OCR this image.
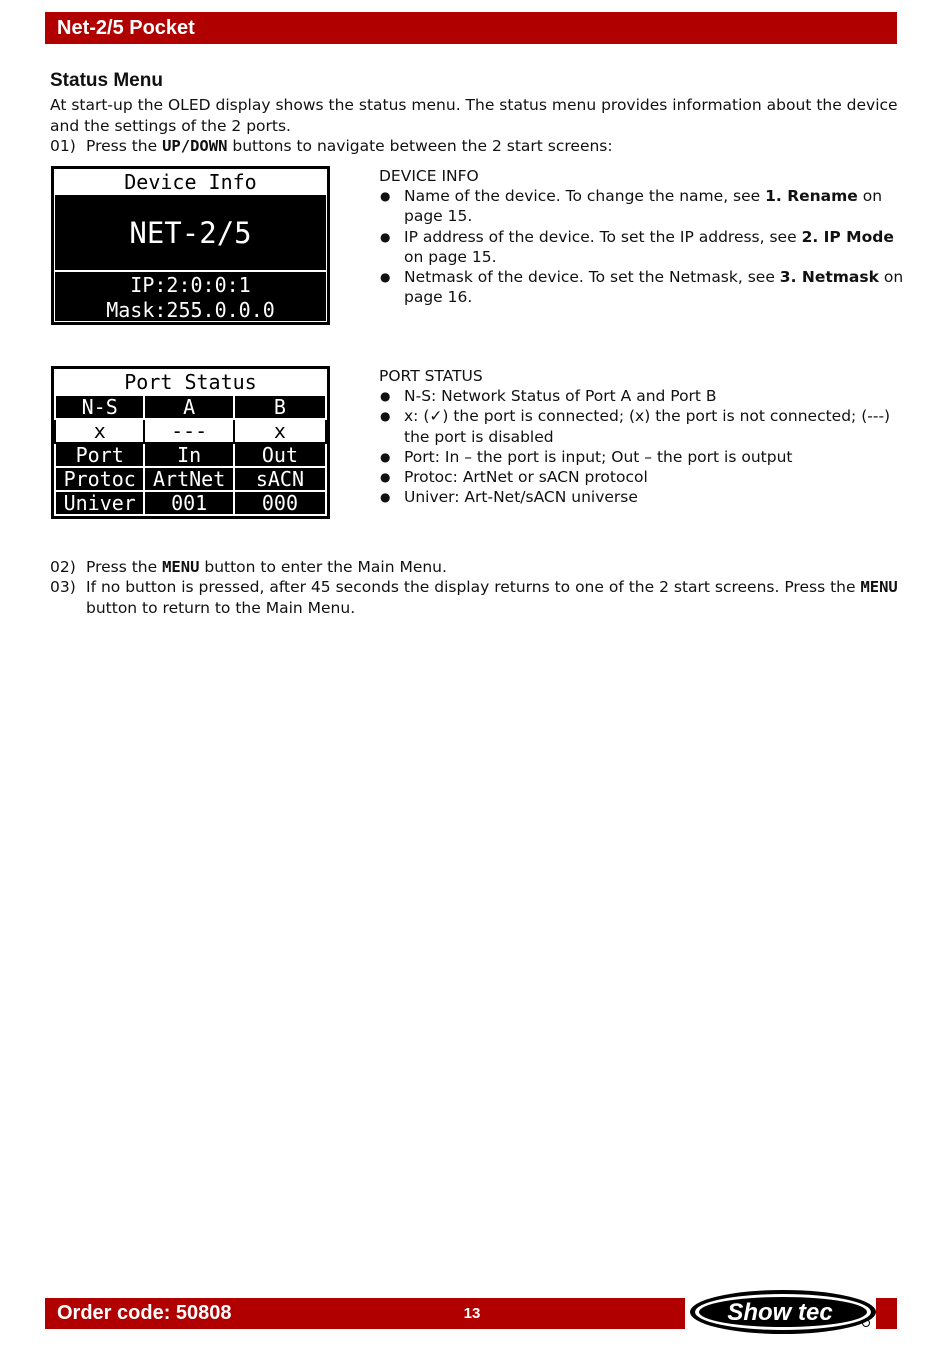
Net-2/5 Pocket
Status Menu

At start-up the OLED display shows the status menu. The status menu provides information about the device and the settings of the 2 ports.

01) Press the UP/DOWN buttons to navigate between the 2 start screens:
Device Info
NET-2/5
IP:2:0:0:1
Mask:255.0.0.0
DEVICE INFO
● Name of the device. To change the name, see 1. Rename on page 15.
● IP address of the device. To set the IP address, see 2. IP Mode on page 15.
● Netmask of the device. To set the Netmask, see 3. Netmask on page 16.
Port Status
N-S	A	B
x	---	x
Port	In	Out
Protoc	ArtNet	sACN
Univer	001	000
PORT STATUS
● N-S: Network Status of Port A and Port B
● x: (✓) the port is connected; (x) the port is not connected; (---) the port is disabled
● Port: In – the port is input; Out – the port is output
● Protoc: ArtNet or sACN protocol
● Univer: Art-Net/sACN universe
02) Press the MENU button to enter the Main Menu.
03) If no button is pressed, after 45 seconds the display returns to one of the 2 start screens. Press the MENU button to return to the Main Menu.
Order code: 50808	13	Show tec
